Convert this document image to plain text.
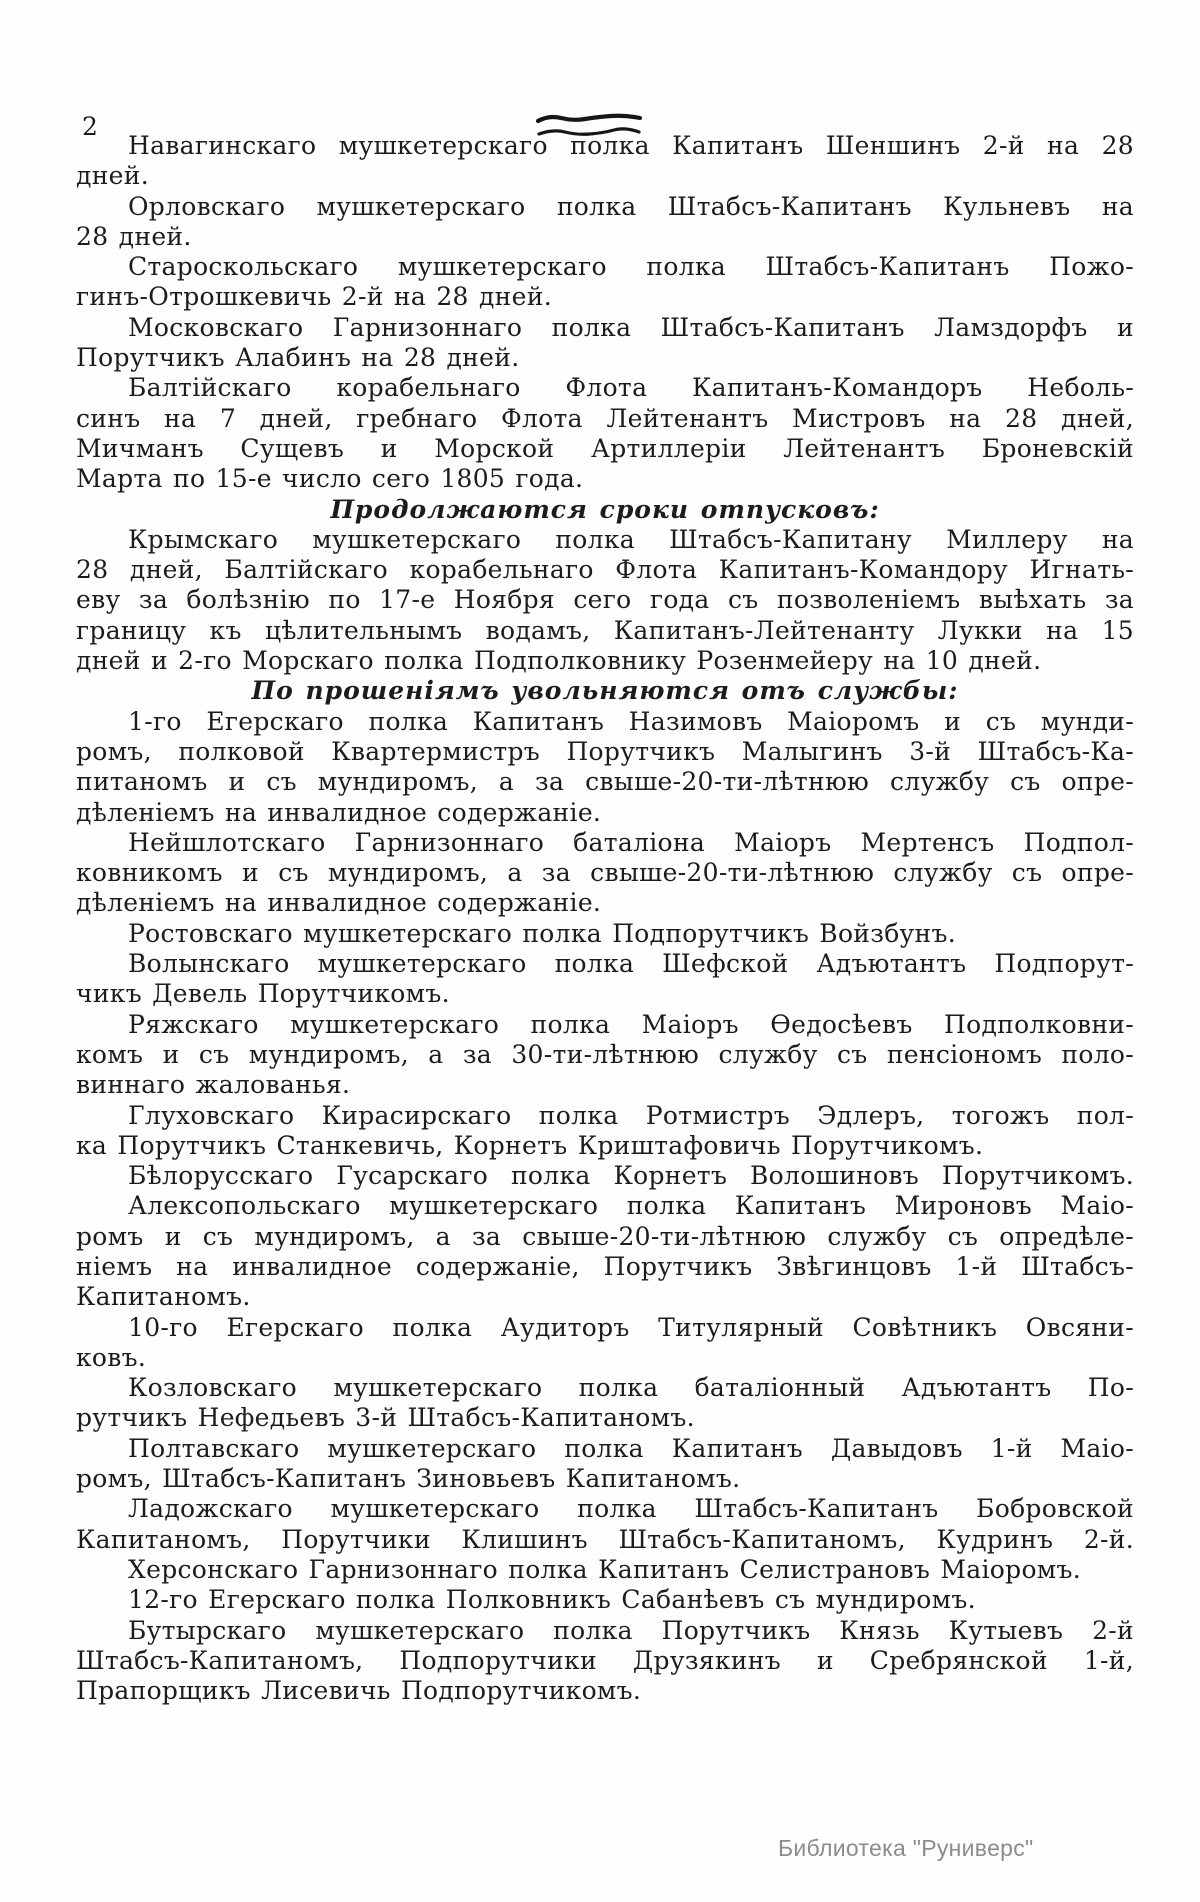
2
Навагинскаго мушкетерскаго полка Капитанъ Шеншинъ 2-й на 28
дней.
Орловскаго мушкетерскаго полка Штабсъ-Капитанъ Кульневъ на
28 дней.
Староскольскаго мушкетерскаго полка Штабсъ-Капитанъ Пожо-
гинъ-Отрошкевичь 2-й на 28 дней.
Московскаго Гарнизоннаго полка Штабсъ-Капитанъ Ламздорфъ и
Порутчикъ Алабинъ на 28 дней.
Балтійскаго корабельнаго Флота Капитанъ-Командоръ Неболь-
синъ на 7 дней, гребнаго Флота Лейтенантъ Мистровъ на 28 дней,
Мичманъ Сущевъ и Морской Артиллеріи Лейтенантъ Броневскій
Марта по 15-е число сего 1805 года.
Продолжаются сроки отпусковъ:
Крымскаго мушкетерскаго полка Штабсъ-Капитану Миллеру на
28 дней, Балтійскаго корабельнаго Флота Капитанъ-Командору Игнать-
еву за болѣзнію по 17-е Ноября сего года съ позволеніемъ выѣхать за
границу къ цѣлительнымъ водамъ, Капитанъ-Лейтенанту Лукки на 15
дней и 2-го Морскаго полка Подполковнику Розенмейеру на 10 дней.
По прошеніямъ увольняются отъ службы:
1-го Егерскаго полка Капитанъ Назимовъ Маіоромъ и съ мунди-
ромъ, полковой Квартермистръ Порутчикъ Малыгинъ 3-й Штабсъ-Ка-
питаномъ и съ мундиромъ, а за свыше-20-ти-лѣтнюю службу съ опре-
дѣленіемъ на инвалидное содержаніе.
Нейшлотскаго Гарнизоннаго баталіона Маіоръ Мертенсъ Подпол-
ковникомъ и съ мундиромъ, а за свыше-20-ти-лѣтнюю службу съ опре-
дѣленіемъ на инвалидное содержаніе.
Ростовскаго мушкетерскаго полка Подпорутчикъ Войзбунъ.
Волынскаго мушкетерскаго полка Шефской Адъютантъ Подпорут-
чикъ Девель Порутчикомъ.
Ряжскаго мушкетерскаго полка Маіоръ Ѳедосѣевъ Подполковни-
комъ и съ мундиромъ, а за 30-ти-лѣтнюю службу съ пенсіономъ поло-
виннаго жалованья.
Глуховскаго Кирасирскаго полка Ротмистръ Эдлеръ, тогожъ пол-
ка Порутчикъ Станкевичь, Корнетъ Криштафовичь Порутчикомъ.
Бѣлорусскаго Гусарскаго полка Корнетъ Волошиновъ Порутчикомъ.
Алексопольскаго мушкетерскаго полка Капитанъ Мироновъ Маіо-
ромъ и съ мундиромъ, а за свыше-20-ти-лѣтнюю службу съ опредѣле-
ніемъ на инвалидное содержаніе, Порутчикъ Звѣгинцовъ 1-й Штабсъ-
Капитаномъ.
10-го Егерскаго полка Аудиторъ Титулярный Совѣтникъ Овсяни-
ковъ.
Козловскаго мушкетерскаго полка баталіонный Адъютантъ По-
рутчикъ Нефедьевъ 3-й Штабсъ-Капитаномъ.
Полтавскаго мушкетерскаго полка Капитанъ Давыдовъ 1-й Маіо-
ромъ, Штабсъ-Капитанъ Зиновьевъ Капитаномъ.
Ладожскаго мушкетерскаго полка Штабсъ-Капитанъ Бобровской
Капитаномъ, Порутчики Клишинъ Штабсъ-Капитаномъ, Кудринъ 2-й.
Херсонскаго Гарнизоннаго полка Капитанъ Селистрановъ Маіоромъ.
12-го Егерскаго полка Полковникъ Сабанѣевъ съ мундиромъ.
Бутырскаго мушкетерскаго полка Порутчикъ Князь Кутыевъ 2-й
Штабсъ-Капитаномъ, Подпорутчики Друзякинъ и Сребрянской 1-й,
Прапорщикъ Лисевичь Подпорутчикомъ.
Библиотека "Руниверс"
